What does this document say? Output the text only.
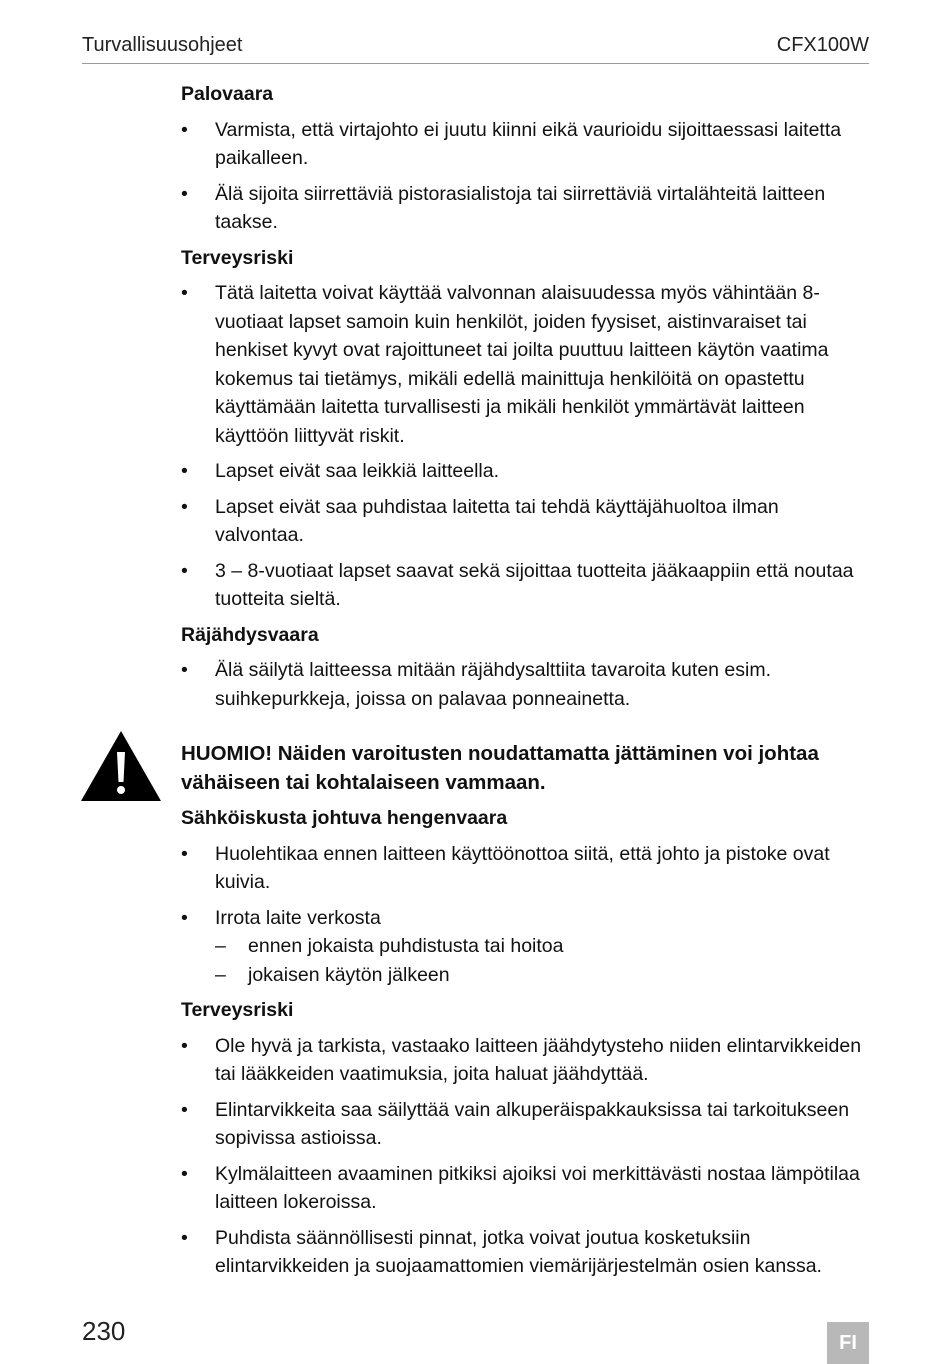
Turvallisuusohjeet	CFX100W
Palovaara
• Varmista, että virtajohto ei juutu kiinni eikä vaurioidu sijoittaessasi laitetta paikalleen.
• Älä sijoita siirrettäviä pistorasialistoja tai siirrettäviä virtalähteitä laitteen taakse.
Terveysriski
• Tätä laitetta voivat käyttää valvonnan alaisuudessa myös vähintään 8-vuotiaat lapset samoin kuin henkilöt, joiden fyysiset, aistinvaraiset tai henkiset kyvyt ovat rajoittuneet tai joilta puuttuu laitteen käytön vaatima kokemus tai tietämys, mikäli edellä mainittuja henkilöitä on opastettu käyttämään laitetta turvallisesti ja mikäli henkilöt ymmärtävät laitteen käyttöön liittyvät riskit.
• Lapset eivät saa leikkiä laitteella.
• Lapset eivät saa puhdistaa laitetta tai tehdä käyttäjähuoltoa ilman valvontaa.
• 3 – 8-vuotiaat lapset saavat sekä sijoittaa tuotteita jääkaappiin että noutaa tuotteita sieltä.
Räjähdysvaara
• Älä säilytä laitteessa mitään räjähdysalttiita tavaroita kuten esim. suihkepurkkeja, joissa on palavaa ponneainetta.
HUOMIO! Näiden varoitusten noudattamatta jättäminen voi johtaa vähäiseen tai kohtalaiseen vammaan.
Sähköiskusta johtuva hengenvaara
• Huolehtikaa ennen laitteen käyttöönottoa siitä, että johto ja pistoke ovat kuivia.
• Irrota laite verkosta
– ennen jokaista puhdistusta tai hoitoa
– jokaisen käytön jälkeen
Terveysriski
• Ole hyvä ja tarkista, vastaako laitteen jäähdytysteho niiden elintarvikkeiden tai lääkkeiden vaatimuksia, joita haluat jäähdyttää.
• Elintarvikkeita saa säilyttää vain alkuperäispakkauksissa tai tarkoitukseen sopivissa astioissa.
• Kylmälaitteen avaaminen pitkiksi ajoiksi voi merkittävästi nostaa lämpötilaa laitteen lokeroissa.
• Puhdista säännöllisesti pinnat, jotka voivat joutua kosketuksiin elintarvikkeiden ja suojaamattomien viemärijärjestelmän osien kanssa.
230	FI
